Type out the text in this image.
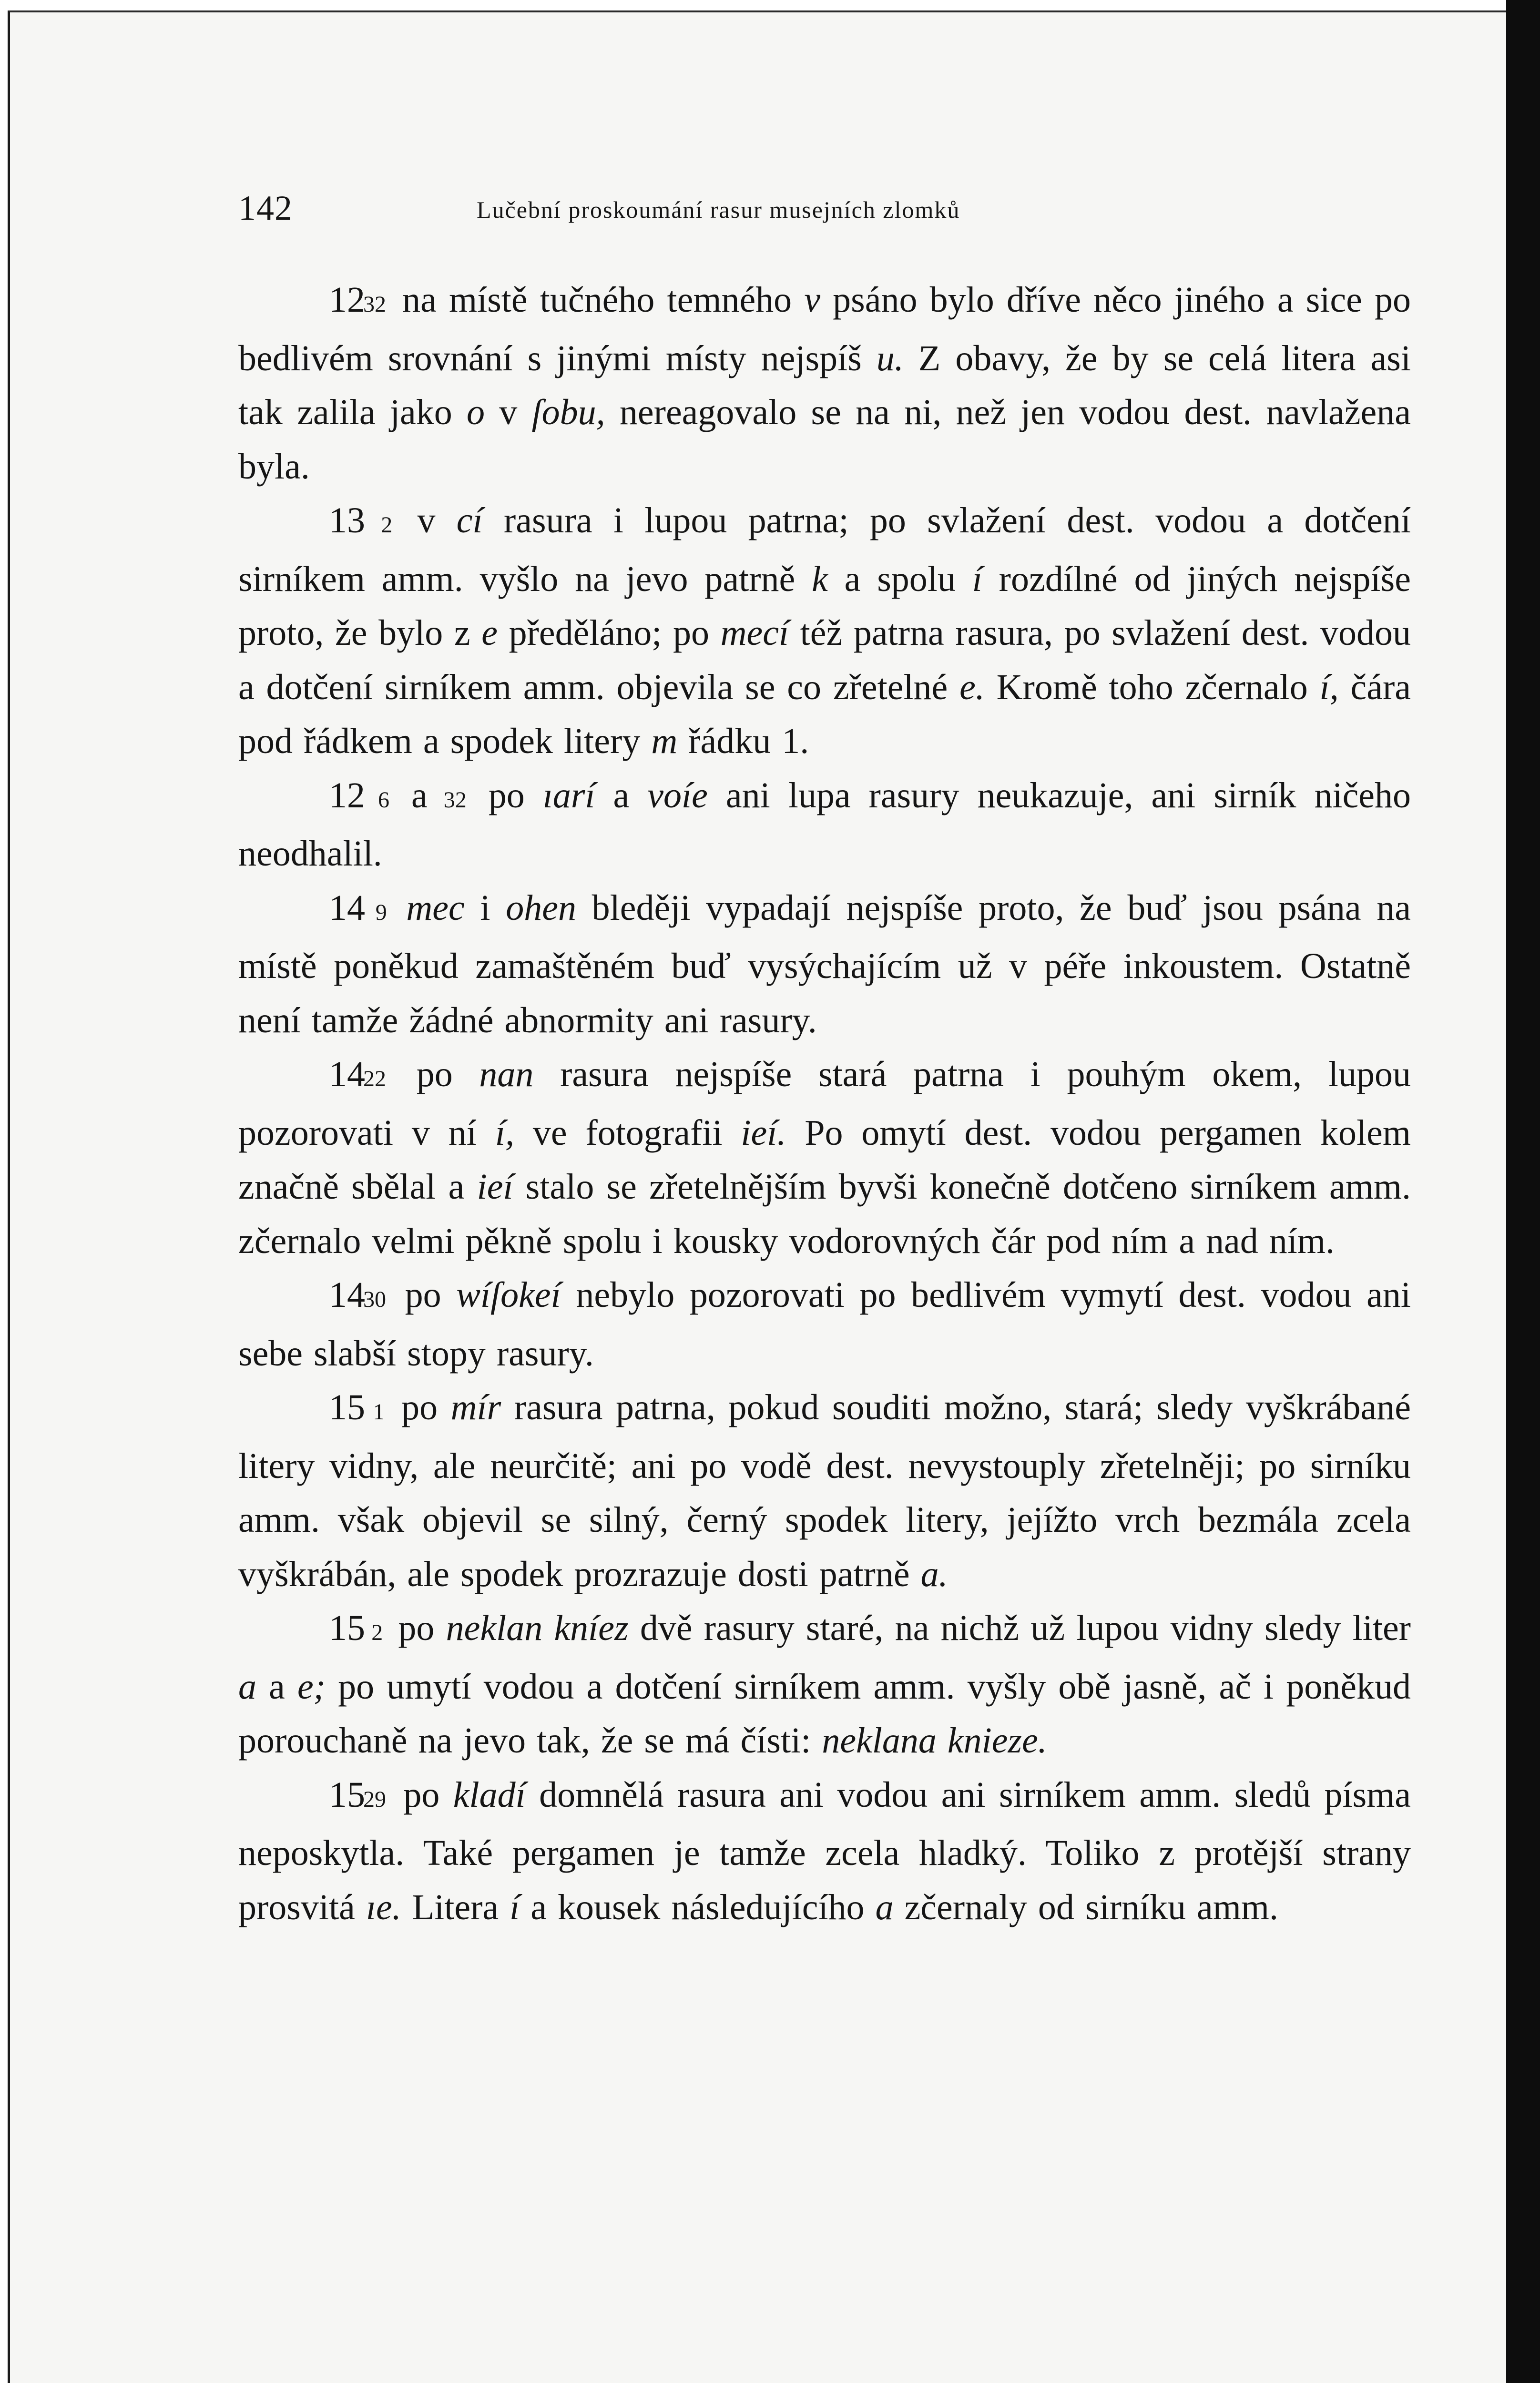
142	Lučební proskoumání rasur musejních zlomků

1232 na místě tučného temného v psáno bylo dříve něco jiného a sice po bedlivém srovnání s jinými místy nejspíš u. Z obavy, že by se celá litera asi tak zalila jako o v ſobu, nereagovalo se na ni, než jen vodou dest. navlažena byla.

13 2 v cí rasura i lupou patrna; po svlažení dest. vodou a dotčení sirníkem amm. vyšlo na jevo patrně k a spolu í rozdílné od jiných nejspíše proto, že bylo z e předěláno; po mecí též patrna rasura, po svlažení dest. vodou a dotčení sirníkem amm. objevila se co zřetelné e. Kromě toho zčernalo í, čára pod řádkem a spodek litery m řádku 1.

12 6 a 32 po ıarí a voíe ani lupa rasury neukazuje, ani sirník ničeho neodhalil.

14 9 mec i ohen bleději vypadají nejspíše proto, že buď jsou psána na místě poněkud zamaštěném buď vysýchajícím už v péře inkoustem. Ostatně není tamže žádné abnormity ani rasury.

1422 po nan rasura nejspíše stará patrna i pouhým okem, lupou pozorovati v ní í, ve fotografii ieí. Po omytí dest. vodou pergamen kolem značně sbělal a ieí stalo se zřetelnějším byvši konečně dotčeno sirníkem amm. zčernalo velmi pěkně spolu i kousky vodorovných čár pod ním a nad ním.

1430 po wíſokeí nebylo pozorovati po bedlivém vymytí dest. vodou ani sebe slabší stopy rasury.

15 1 po mír rasura patrna, pokud souditi možno, stará; sledy vyškrábané litery vidny, ale neurčitě; ani po vodě dest. nevystouply zřetelněji; po sirníku amm. však objevil se silný, černý spodek litery, jejížto vrch bezmála zcela vyškrábán, ale spodek prozrazuje dosti patrně a.

15 2 po neklan kníez dvě rasury staré, na nichž už lupou vidny sledy liter a a e; po umytí vodou a dotčení sirníkem amm. vyšly obě jasně, ač i poněkud porouchaně na jevo tak, že se má čísti: neklana knieze.

1529 po kladí domnělá rasura ani vodou ani sirníkem amm. sledů písma neposkytla. Také pergamen je tamže zcela hladký. Toliko z protější strany prosvitá ıe. Litera í a kousek následujícího a zčernaly od sirníku amm.
